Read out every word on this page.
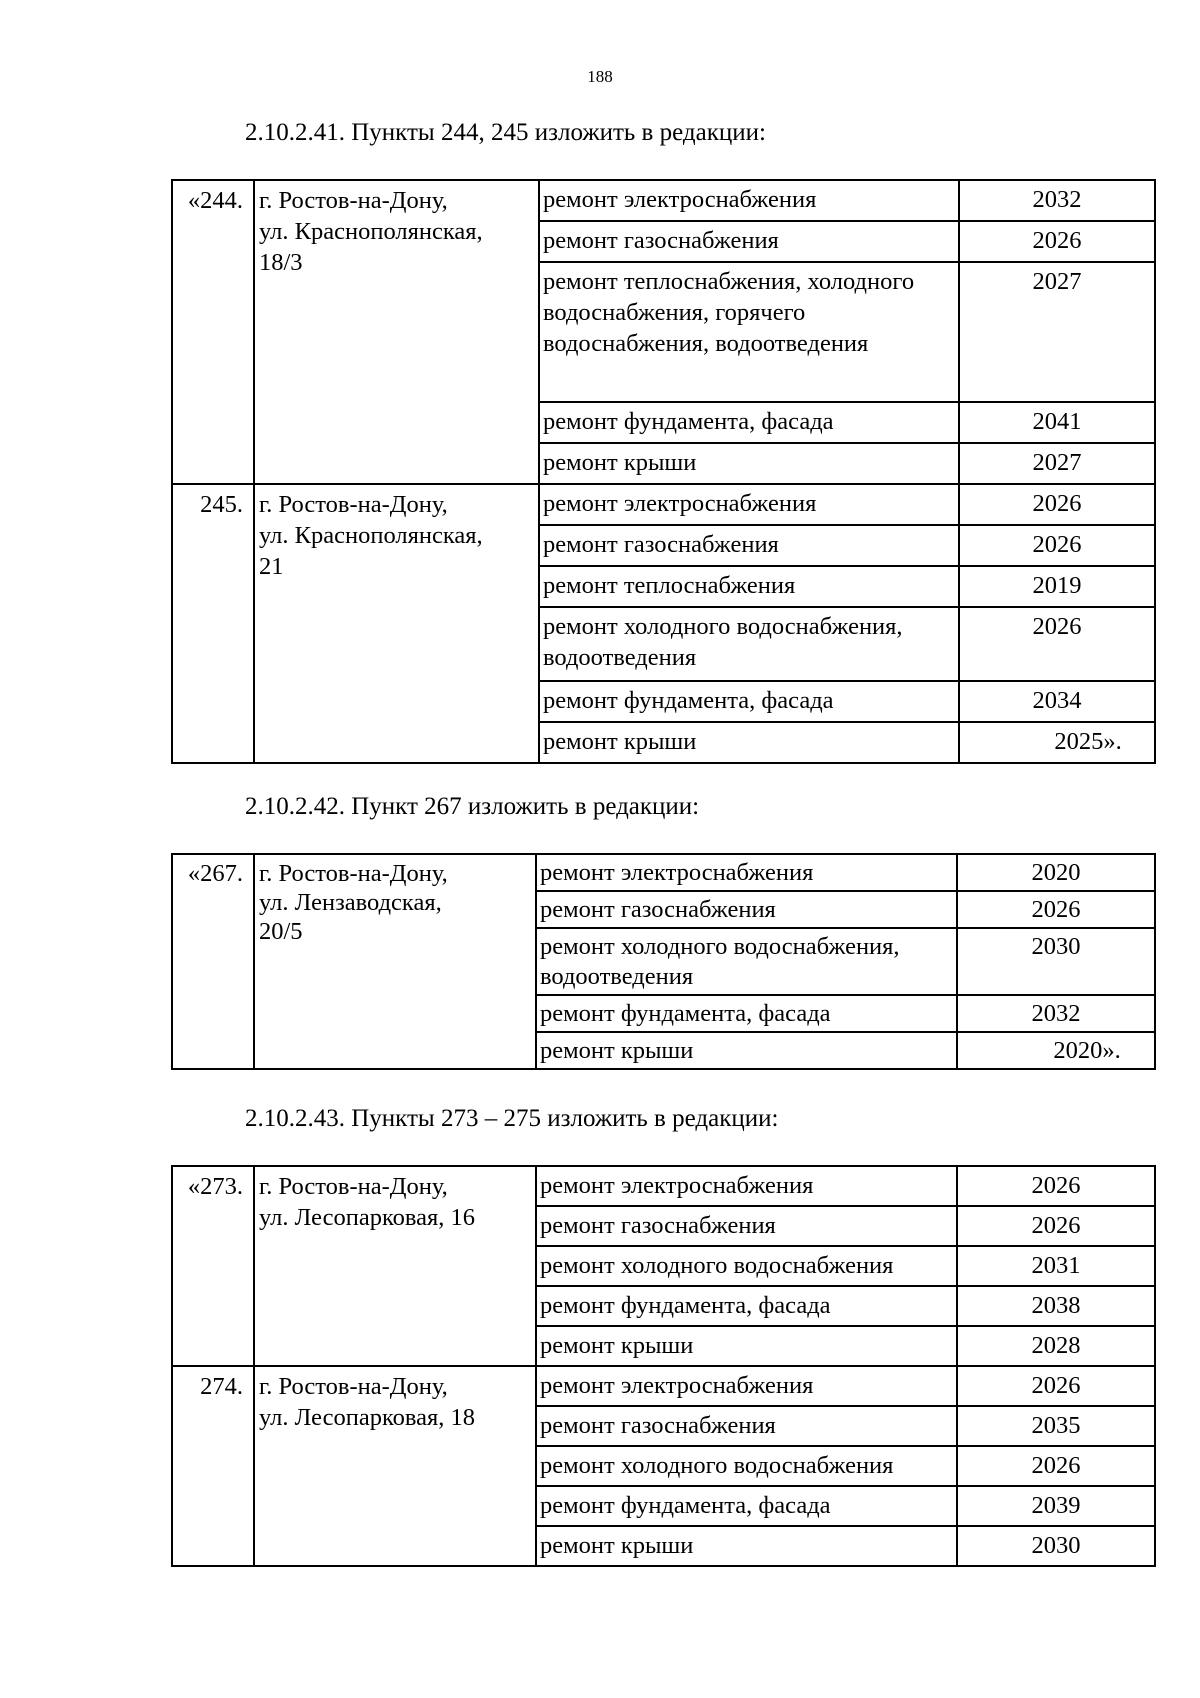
188
2.10.2.41. Пункты 244, 245 изложить в редакции:
«244.	г. Ростов-на-Дону,
ул. Краснополянская,
18/3	ремонт электроснабжения	2032
		ремонт газоснабжения	2026
		ремонт теплоснабжения, холодного водоснабжения, горячего водоснабжения, водоотведения	2027
		ремонт фундамента, фасада	2041
		ремонт крыши	2027
245.	г. Ростов-на-Дону,
ул. Краснополянская,
21	ремонт электроснабжения	2026
		ремонт газоснабжения	2026
		ремонт теплоснабжения	2019
		ремонт холодного водоснабжения, водоотведения	2026
		ремонт фундамента, фасада	2034
		ремонт крыши	2025».
2.10.2.42. Пункт 267 изложить в редакции:
«267.	г. Ростов-на-Дону,
ул. Лензаводская,
20/5	ремонт электроснабжения	2020
		ремонт газоснабжения	2026
		ремонт холодного водоснабжения, водоотведения	2030
		ремонт фундамента, фасада	2032
		ремонт крыши	2020».
2.10.2.43. Пункты 273 – 275 изложить в редакции:
«273.	г. Ростов-на-Дону,
ул. Лесопарковая, 16	ремонт электроснабжения	2026
		ремонт газоснабжения	2026
		ремонт холодного водоснабжения	2031
		ремонт фундамента, фасада	2038
		ремонт крыши	2028
274.	г. Ростов-на-Дону,
ул. Лесопарковая, 18	ремонт электроснабжения	2026
		ремонт газоснабжения	2035
		ремонт холодного водоснабжения	2026
		ремонт фундамента, фасада	2039
		ремонт крыши	2030
